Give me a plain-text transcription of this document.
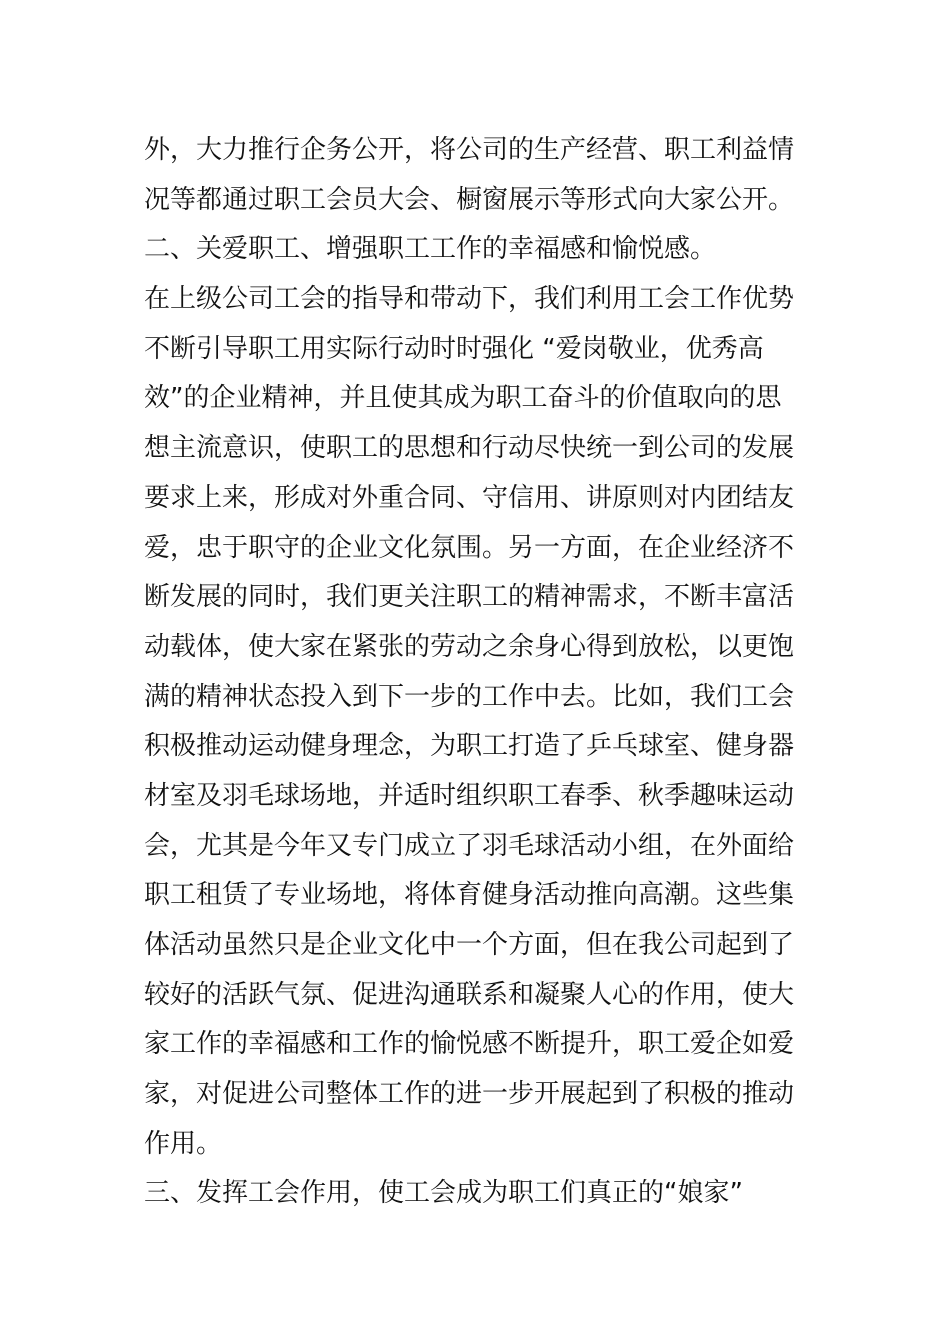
外，大力推行企务公开，将公司的生产经营、职工利益情
况等都通过职工会员大会、橱窗展示等形式向大家公开。
二、关爱职工、增强职工工作的幸福感和愉悦感。
在上级公司工会的指导和带动下，我们利用工会工作优势
不断引导职工用实际行动时时强化 “爱岗敬业，优秀高
效”的企业精神，并且使其成为职工奋斗的价值取向的思
想主流意识，使职工的思想和行动尽快统一到公司的发展
要求上来，形成对外重合同、守信用、讲原则对内团结友
爱，忠于职守的企业文化氛围。另一方面，在企业经济不
断发展的同时，我们更关注职工的精神需求，不断丰富活
动载体，使大家在紧张的劳动之余身心得到放松，以更饱
满的精神状态投入到下一步的工作中去。比如，我们工会
积极推动运动健身理念，为职工打造了乒乓球室、健身器
材室及羽毛球场地，并适时组织职工春季、秋季趣味运动
会，尤其是今年又专门成立了羽毛球活动小组，在外面给
职工租赁了专业场地，将体育健身活动推向高潮。这些集
体活动虽然只是企业文化中一个方面，但在我公司起到了
较好的活跃气氛、促进沟通联系和凝聚人心的作用，使大
家工作的幸福感和工作的愉悦感不断提升，职工爱企如爱
家，对促进公司整体工作的进一步开展起到了积极的推动
作用。
三、发挥工会作用，使工会成为职工们真正的“娘家”
